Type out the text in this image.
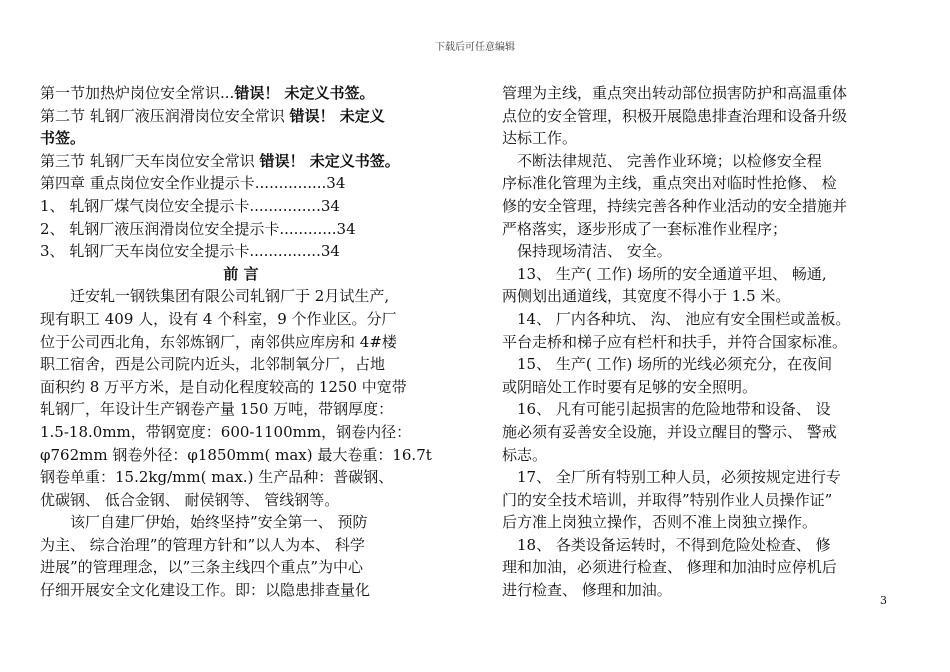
下载后可任意编辑
第一节加热炉岗位安全常识...错误！ 未定义书签。
第二节 轧钢厂液压润滑岗位安全常识 错误！ 未定义
书签。
第三节 轧钢厂天车岗位安全常识 错误！ 未定义书签。
第四章 重点岗位安全作业提示卡...............34
1、 轧钢厂煤气岗位安全提示卡...............34
2、 轧钢厂液压润滑岗位安全提示卡............34
3、 轧钢厂天车岗位安全提示卡...............34
前 言
　　迁安轧一钢铁集团有限公司轧钢厂于 2月试生产,
现有职工 409 人，设有 4 个科室，9 个作业区。分厂
位于公司西北角，东邻炼钢厂，南邻供应库房和 4#楼
职工宿舍，西是公司院内近头，北邻制氧分厂，占地
面积约 8 万平方米，是自动化程度较高的 1250 中宽带
轧钢厂，年设计生产钢卷产量 150 万吨，带钢厚度：
1.5-18.0mm，带钢宽度：600-1100mm，钢卷内径：
φ762mm 钢卷外径：φ1850mm( max) 最大卷重：16.7t
钢卷单重：15.2kg/mm( max.) 生产品种：普碳钢、
优碳钢、 低合金钢、 耐侯钢等、 管线钢等。
　　该厂自建厂伊始，始终坚持”安全第一、 预防
为主、 综合治理”的管理方针和”以人为本、 科学
进展”的管理理念，以”三条主线四个重点”为中心
仔细开展安全文化建设工作。即：以隐患排查量化
管理为主线，重点突出转动部位损害防护和高温重体
点位的安全管理，积极开展隐患排查治理和设备升级
达标工作。
　不断法律规范、 完善作业环境；以检修安全程
序标准化管理为主线，重点突出对临时性抢修、 检
修的安全管理，持续完善各种作业活动的安全措施并
严格落实，逐步形成了一套标准作业程序；
　保持现场清洁、 安全。
　13、 生产( 工作) 场所的安全通道平坦、 畅通,
两侧划出通道线，其宽度不得小于 1.5 米。
　14、 厂内各种坑、 沟、 池应有安全围栏或盖板。
平台走桥和梯子应有栏杆和扶手，并符合国家标准。
　15、 生产( 工作) 场所的光线必须充分，在夜间
或阴暗处工作时要有足够的安全照明。
　16、 凡有可能引起损害的危险地带和设备、 设
施必须有妥善安全设施，并设立醒目的警示、 警戒
标志。
　17、 全厂所有特别工种人员，必须按规定进行专
门的安全技术培训，并取得”特别作业人员操作证”
后方准上岗独立操作，否则不准上岗独立操作。
　18、 各类设备运转时，不得到危险处检查、 修
理和加油，必须进行检查、 修理和加油时应停机后
进行检查、 修理和加油。
3
